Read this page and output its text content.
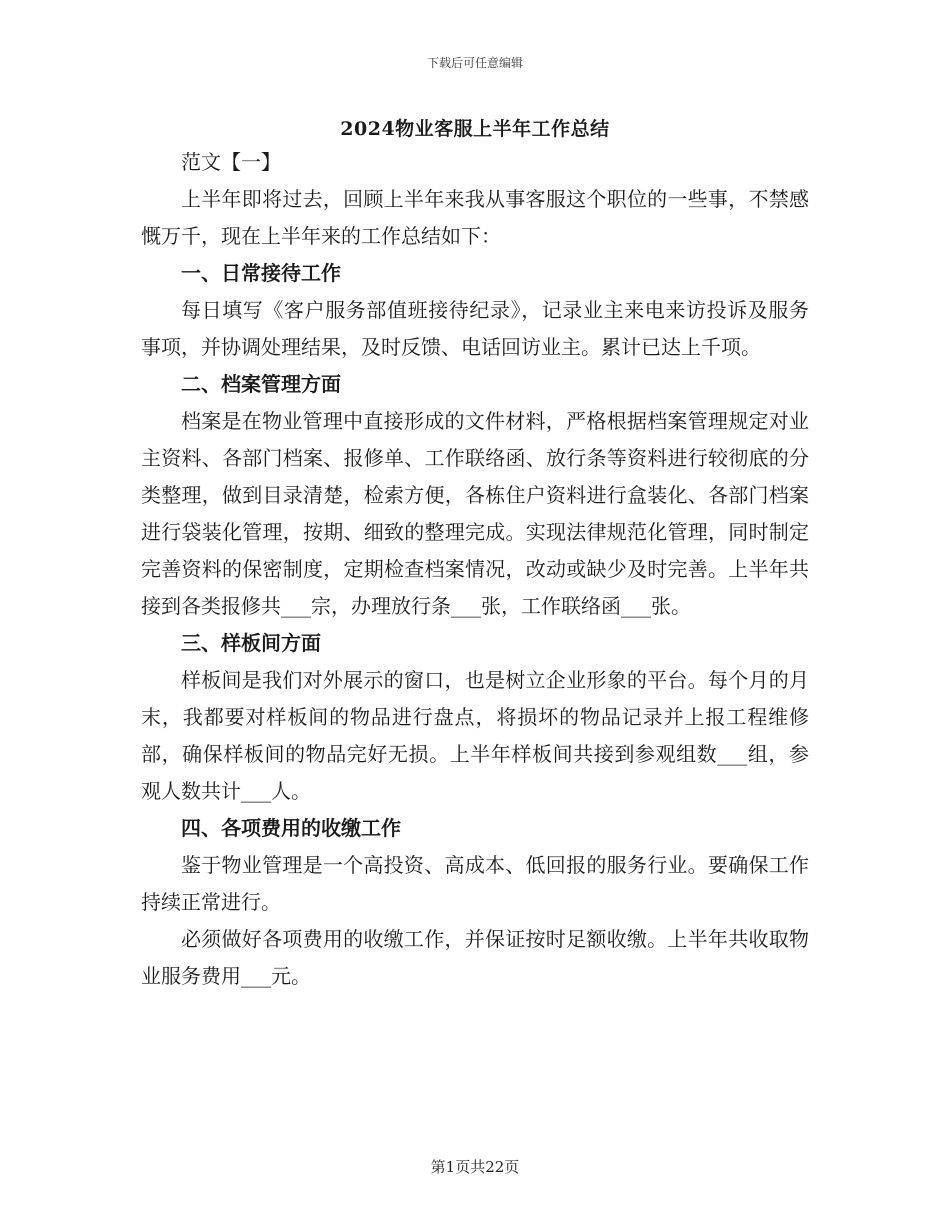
下载后可任意编辑
2024物业客服上半年工作总结

范文【一】

上半年即将过去，回顾上半年来我从事客服这个职位的一些事，不禁感慨万千，现在上半年来的工作总结如下：

一、日常接待工作

每日填写《客户服务部值班接待纪录》，记录业主来电来访投诉及服务事项，并协调处理结果，及时反馈、电话回访业主。累计已达上千项。

二、档案管理方面

档案是在物业管理中直接形成的文件材料，严格根据档案管理规定对业主资料、各部门档案、报修单、工作联络函、放行条等资料进行较彻底的分类整理，做到目录清楚，检索方便，各栋住户资料进行盒装化、各部门档案进行袋装化管理，按期、细致的整理完成。实现法律规范化管理，同时制定完善资料的保密制度，定期检查档案情况，改动或缺少及时完善。上半年共接到各类报修共___宗，办理放行条___张，工作联络函___张。

三、样板间方面

样板间是我们对外展示的窗口，也是树立企业形象的平台。每个月的月末，我都要对样板间的物品进行盘点，将损坏的物品记录并上报工程维修部，确保样板间的物品完好无损。上半年样板间共接到参观组数___组，参观人数共计___人。

四、各项费用的收缴工作

鉴于物业管理是一个高投资、高成本、低回报的服务行业。要确保工作持续正常进行。

必须做好各项费用的收缴工作，并保证按时足额收缴。上半年共收取物业服务费用___元。

第1页共22页
